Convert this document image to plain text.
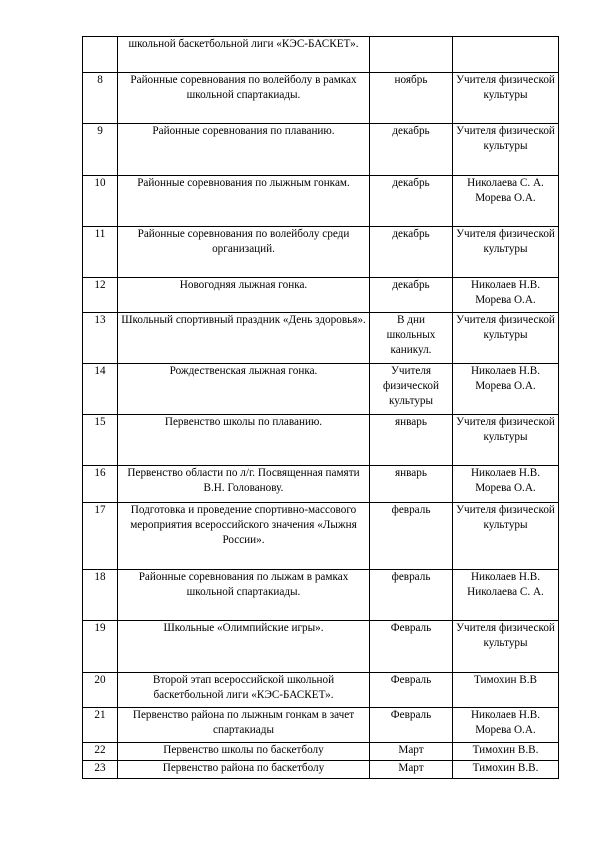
	школьной баскетбольной лиги «КЭС-БАСКЕТ».		
8	Районные соревнования по волейболу в рамках школьной спартакиады.	ноябрь	Учителя физической культуры
9	Районные соревнования по плаванию.	декабрь	Учителя физической культуры
10	Районные соревнования по лыжным гонкам.	декабрь	Николаева С. А. Морева О.А.
11	Районные соревнования по волейболу среди организаций.	декабрь	Учителя физической культуры
12	Новогодняя лыжная гонка.	декабрь	Николаев Н.В. Морева О.А.
13	Школьный спортивный праздник «День здоровья».	В дни школьных каникул.	Учителя физической культуры
14	Рождественская лыжная гонка.	Учителя физической культуры	Николаев Н.В. Морева О.А.
15	Первенство школы по плаванию.	январь	Учителя физической культуры
16	Первенство области по л/г. Посвященная памяти В.Н. Голованову.	январь	Николаев Н.В. Морева О.А.
17	Подготовка и проведение спортивно-массового мероприятия всероссийского значения «Лыжня России».	февраль	Учителя физической культуры
18	Районные соревнования по лыжам в рамках школьной спартакиады.	февраль	Николаев Н.В. Николаева С. А.
19	Школьные «Олимпийские игры».	Февраль	Учителя физической культуры
20	Второй этап всероссийской школьной баскетбольной лиги «КЭС-БАСКЕТ».	Февраль	Тимохин В.В
21	Первенство района по лыжным гонкам в зачет спартакиады	Февраль	Николаев Н.В. Морева О.А.
22	Первенство школы по баскетболу	Март	Тимохин В.В.
23	Первенство района по баскетболу	Март	Тимохин В.В.
